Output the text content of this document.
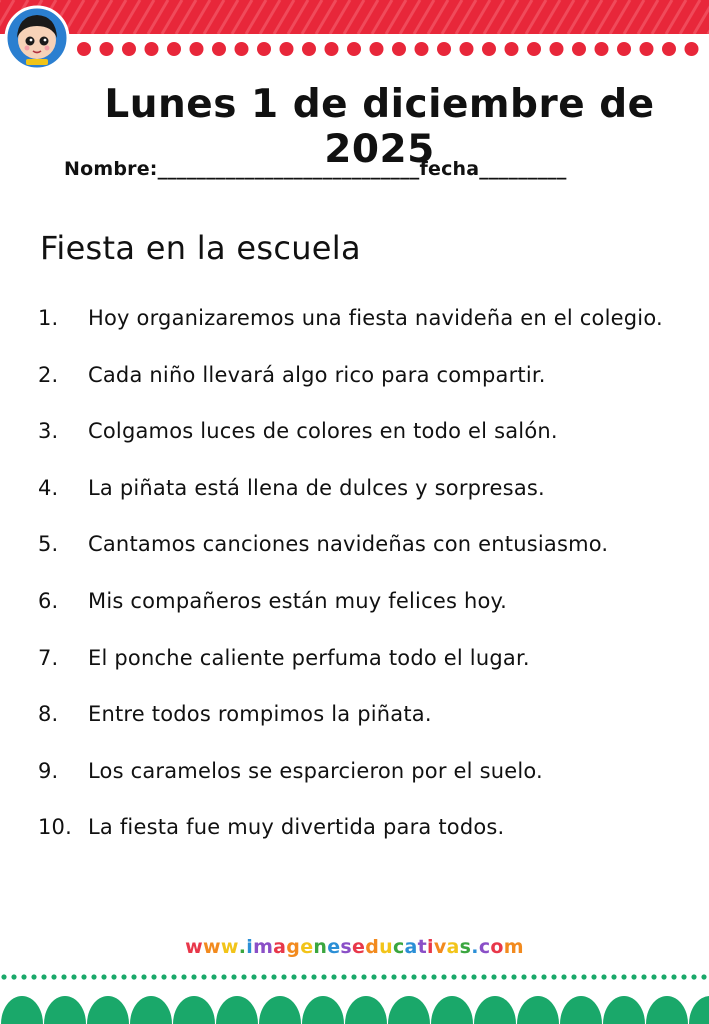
Lunes 1 de diciembre de 2025
Nombre:___________________________fecha_________
Fiesta en la escuela
1.	Hoy organizaremos una fiesta navideña en el colegio.
2.	Cada niño llevará algo rico para compartir.
3.	Colgamos luces de colores en todo el salón.
4.	La piñata está llena de dulces y sorpresas.
5.	Cantamos canciones navideñas con entusiasmo.
6.	Mis compañeros están muy felices hoy.
7.	El ponche caliente perfuma todo el lugar.
8.	Entre todos rompimos la piñata.
9.	Los caramelos se esparcieron por el suelo.
10. La fiesta fue muy divertida para todos.
www.imageneseducativas.com
